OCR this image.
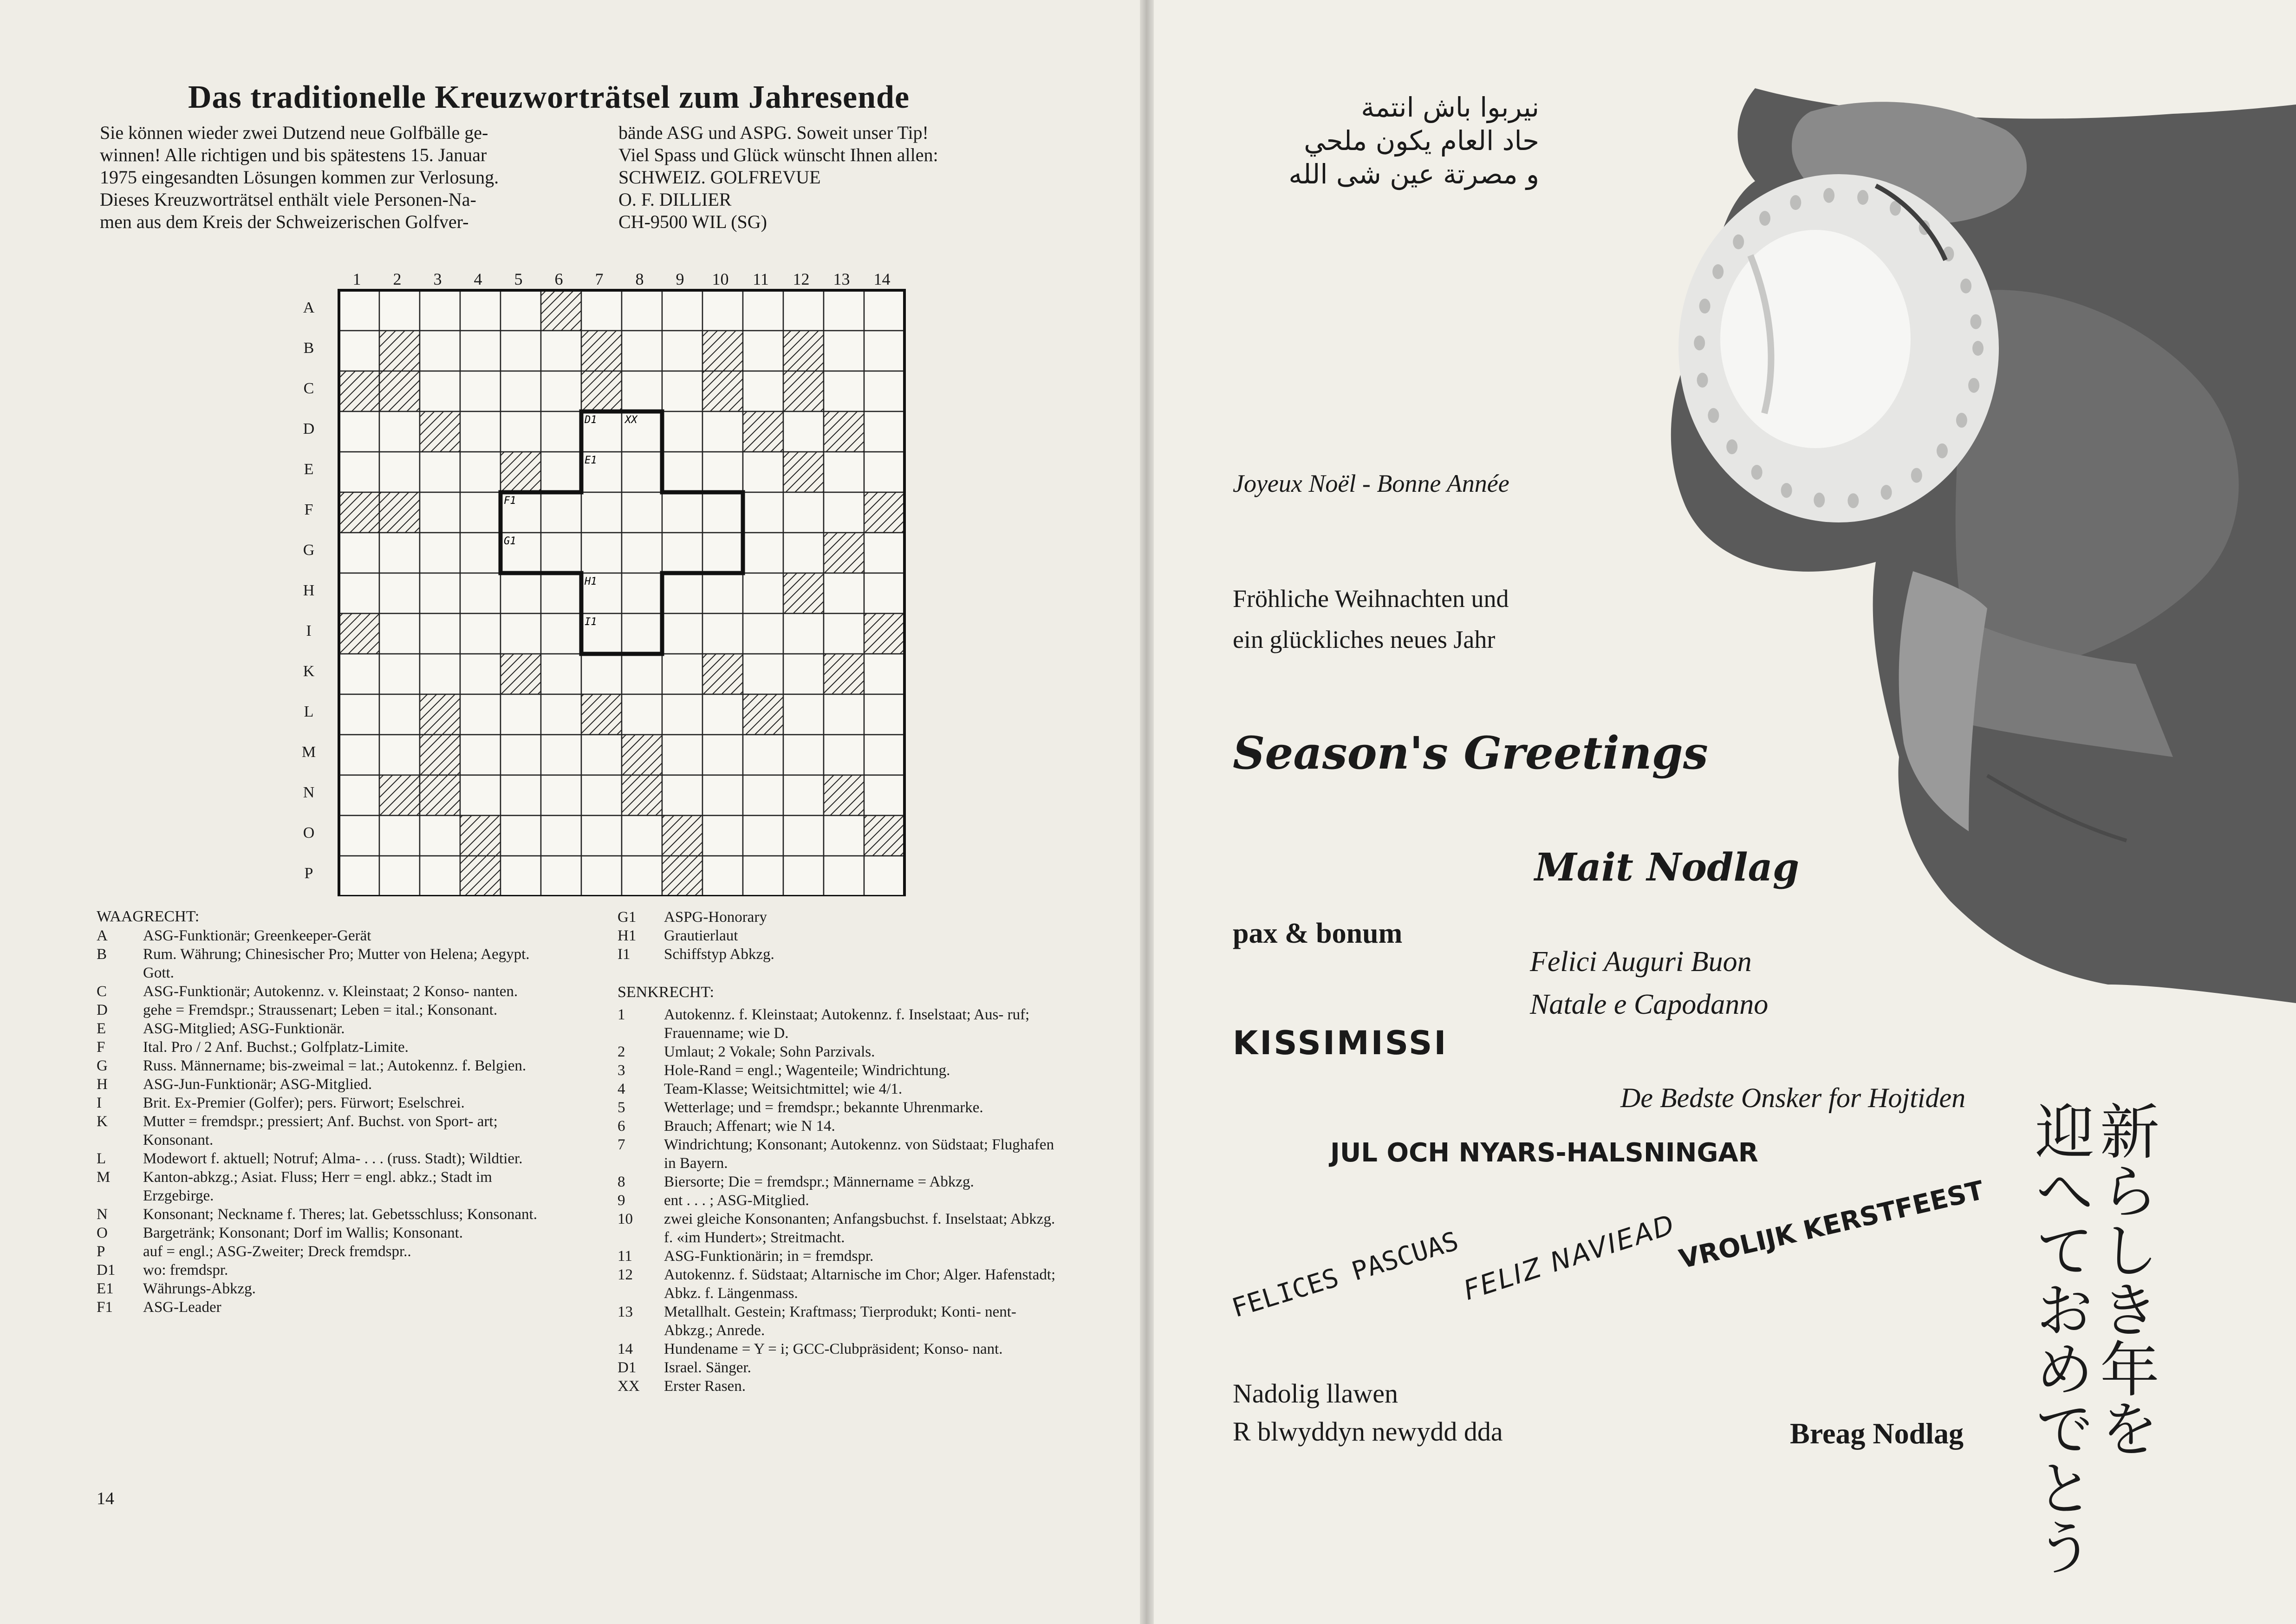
Das traditionelle Kreuzworträtsel zum Jahresende
Sie können wieder zwei Dutzend neue Golfbälle ge-
winnen! Alle richtigen und bis spätestens 15. Januar
1975 eingesandten Lösungen kommen zur Verlosung.
Dieses Kreuzworträtsel enthält viele Personen-Na-
men aus dem Kreis der Schweizerischen Golfver-
bände ASG und ASPG. Soweit unser Tip!
Viel Spass und Glück wünscht Ihnen allen:
SCHWEIZ. GOLFREVUE
O. F. DILLIER
CH-9500 WIL (SG)
1	2	3	4	5	6	7	8	9	10	11	12	13	14
A
B
C
D
E
F
G
H
I
K
L
M
N
O
P
D1	XX
E1
F1
G1
H1
I1
WAAGRECHT:
A ASG-Funktionär; Greenkeeper-Gerät
B Rum. Währung; Chinesischer Pro; Mutter von Helena; Aegypt. Gott.
C ASG-Funktionär; Autokennz. v. Kleinstaat; 2 Konso- nanten.
D gehe = Fremdspr.; Straussenart; Leben = ital.; Konsonant.
E ASG-Mitglied; ASG-Funktionär.
F Ital. Pro / 2 Anf. Buchst.; Golfplatz-Limite.
G Russ. Männername; bis-zweimal = lat.; Autokennz. f. Belgien.
H ASG-Jun-Funktionär; ASG-Mitglied.
I	Brit. Ex-Premier (Golfer); pers. Fürwort; Eselschrei.
K Mutter = fremdspr.; pressiert; Anf. Buchst. von Sport- art; Konsonant.
L Modewort f. aktuell; Notruf; Alma- . . . (russ. Stadt); Wildtier.
M Kanton-abkzg.; Asiat. Fluss; Herr = engl. abkz.; Stadt im Erzgebirge.
N Konsonant; Neckname f. Theres; lat. Gebetsschluss; Konsonant.
O Bargetränk; Konsonant; Dorf im Wallis; Konsonant.
P auf = engl.; ASG-Zweiter; Dreck fremdspr..
D1 wo: fremdspr.
E1 Währungs-Abkzg.
F1 ASG-Leader
G1 ASPG-Honorary
H1 Grautierlaut
I1 Schiffstyp Abkzg.
SENKRECHT:
1	Autokennz. f. Kleinstaat; Autokennz. f. Inselstaat; Aus- ruf; Frauenname; wie D.
2	Umlaut; 2 Vokale; Sohn Parzivals.
3	Hole-Rand = engl.; Wagenteile; Windrichtung.
4	Team-Klasse; Weitsichtmittel; wie 4/1.
5	Wetterlage; und = fremdspr.; bekannte Uhrenmarke.
6	Brauch; Affenart; wie N 14.
7	Windrichtung; Konsonant; Autokennz. von Südstaat; Flughafen in Bayern.
8	Biersorte; Die = fremdspr.; Männername = Abkzg.
9	ent . . . ; ASG-Mitglied.
10 zwei gleiche Konsonanten; Anfangsbuchst. f. Inselstaat; Abkzg. f. «im Hundert»; Streitmacht.
11 ASG-Funktionärin; in = fremdspr.
12 Autokennz. f. Südstaat; Altarnische im Chor; Alger. Hafenstadt; Abkz. f. Längenmass.
13 Metallhalt. Gestein; Kraftmass; Tierprodukt; Konti- nent-Abkzg.; Anrede.
14 Hundename = Y = i; GCC-Clubpräsident; Konso- nant.
D1 Israel. Sänger.
XX Erster Rasen.
14
نيربوا باش انتمة
حاد العام يكون ملحي
و مصرتة عين شى الله
Joyeux Noël - Bonne Année
Fröhliche Weihnachten und
ein glückliches neues Jahr
Season's Greetings
Mait Nodlag
pax & bonum
Felici Auguri Buon
Natale e Capodanno
KISSIMISSI
De Bedste Onsker for Hojtiden
JUL OCH NYARS-HALSNINGAR
FELICES PASCUAS
FELIZ NAVIEAD
VROLIJK KERSTFEEST
Nadolig llawen
R blwyddyn newydd dda	Breag Nodlag	新らしき年を
迎へておめでとう
